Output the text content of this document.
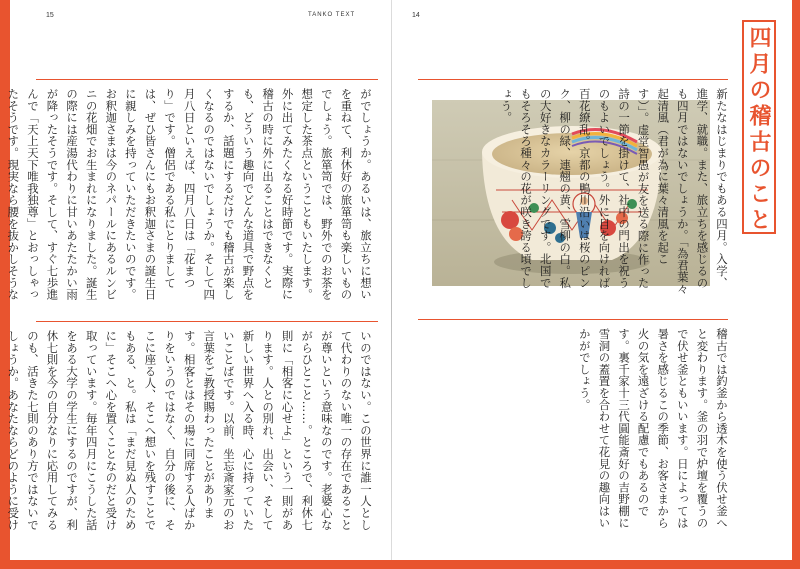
15	TANKO TEXT	14
新たなはじまりでもある四月。入学、進学、就職。また、旅立ちを感じるのも四月ではないでしょうか。「為君葉々起清風（君が為に葉々清風を起こす）」。虚堂智愚が友を送る際に作った詩の一節を掛けて、社中の門出を祝うのもよいでしょう。外に目を向ければ百花繚乱。京都の鴨川沿いは桜のピンク、柳の緑、連翹の黄、雪柳の白。私の大好きなカラーリングです。北国でもそろそろ種々の花が咲き誇る頃でしょう。
稽古では釣釜から透木を使う伏せ釜へと変わります。釜の羽で炉壇を覆うので伏せ釜ともいいます。日によっては暑さを感じるこの季節、お客さまから火の気を遠ざける配慮でもあるのです。裏千家十三代圓能斎好の吉野棚に雪洞の蓋置を合わせて花見の趣向はいかがでしょう。
がでしょうか。あるいは、旅立ちに想いを重ねて、利休好の旅箪笥も楽しいものでしょう。旅箪笥では、野外でのお茶を想定した茶点ということもいたします。外に出てみたくなる好時節です。実際に稽古の時に外に出ることはできなくとも、どういう趣向でどんな道具で野点をするか、話題にするだけでも稽古が楽しくなるのではないでしょうか。そして四月八日といえば、四月八日は「花まつり」です。僧侶である私にとりましては、ぜひ皆さんにもお釈迦さまの誕生日に親しみを持っていただきたいのです。お釈迦さまは今のネパールにあるルンビニの花畑でお生まれになりました。誕生の際には産湯代わりに甘いあたたかい雨が降ったそうです。そして、すぐ七歩進んで「天上天下唯我独尊」とおっしゃったそうです。現実なら腰を抜かしそうな
いのではない。この世界に誰一人として代わりのない唯一の存在であることが尊いという意味なのです。老婆心ながらひとこと……。ところで、利休七則に「相客に心せよ」という一則があります。人との別れ、出会い、そして新しい世界へ入る時、心に持っていたいことばです。以前、坐忘斎家元のお言葉をご教授賜わったことがあります。相客とはその場に同席する人ばかりをいうのではなく、自分の後に、そこに座る人、そこへ想いを残すことでもある、と。私は「まだ見ぬ人のために」そこへ心を置くことなのだと受け取っています。毎年四月にこうした話をある大学の学生にするのですが、利休七則を今の自分なりに応用してみるのも、活きた七則のあり方ではないでしょうか。あなたならどのように受け
四月の稽古のこと
